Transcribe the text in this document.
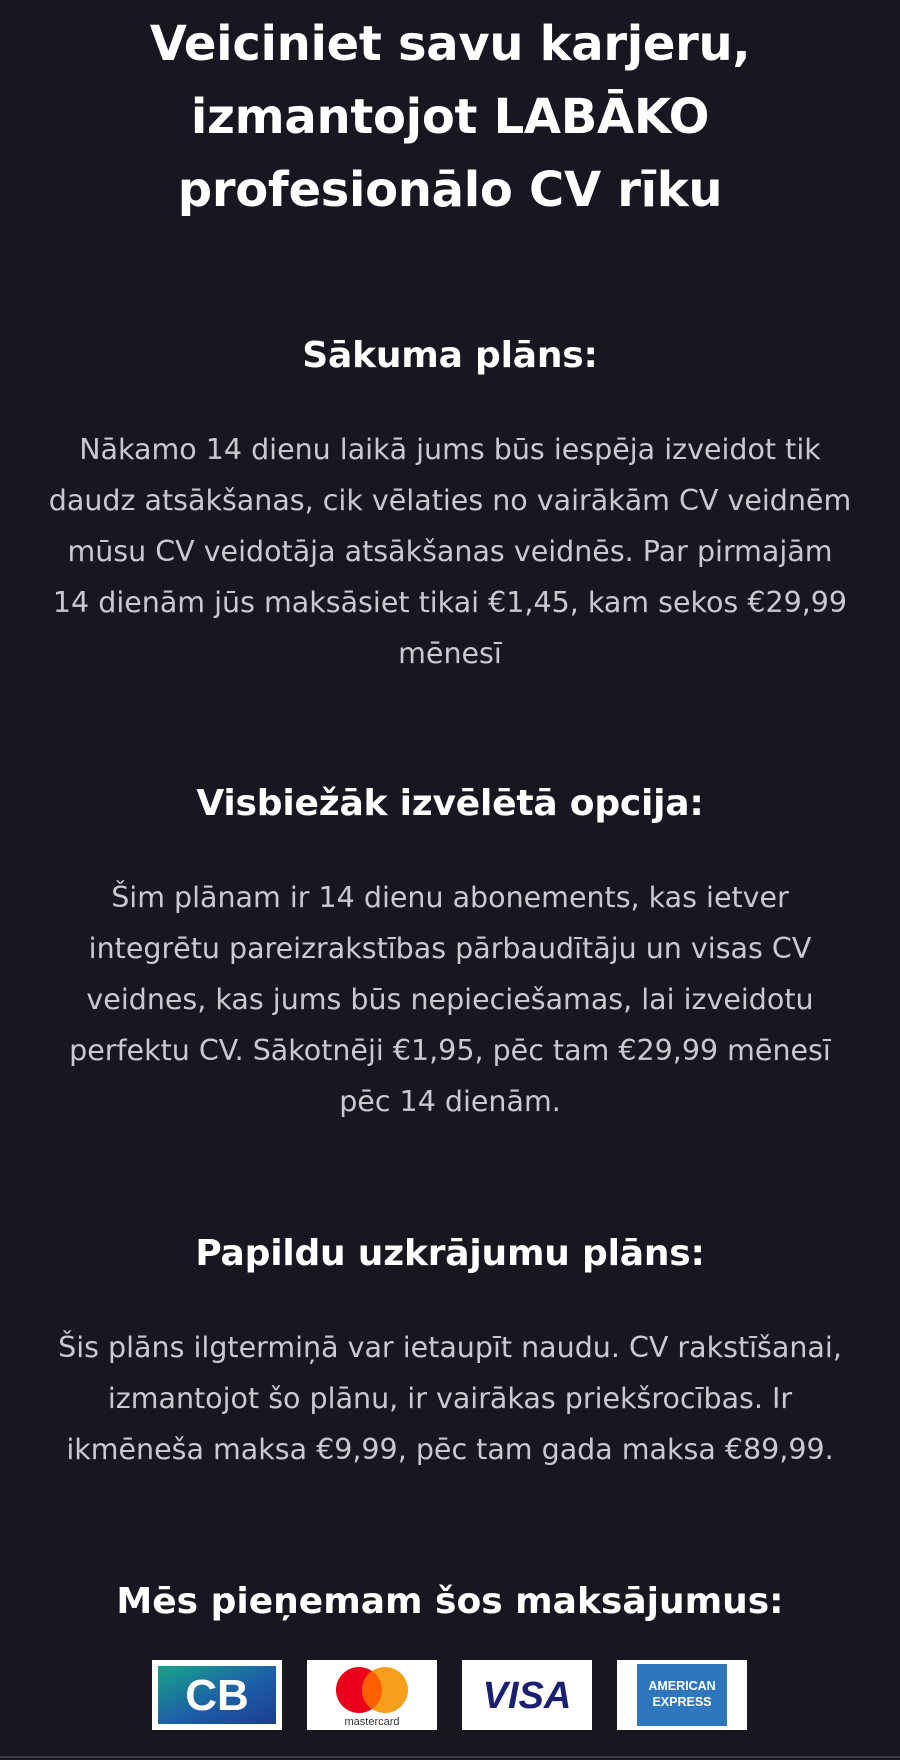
Veiciniet savu karjeru, izmantojot LABĀKO profesionālo CV rīku
Sākuma plāns:

Nākamo 14 dienu laikā jums būs iespēja izveidot tik daudz atsākšanas, cik vēlaties no vairākām CV veidnēm mūsu CV veidotāja atsākšanas veidnēs. Par pirmajām 14 dienām jūs maksāsiet tikai €1,45, kam sekos €29,99 mēnesī

Visbiežāk izvēlētā opcija:

Šim plānam ir 14 dienu abonements, kas ietver integrētu pareizrakstības pārbaudītāju un visas CV veidnes, kas jums būs nepieciešamas, lai izveidotu perfektu CV. Sākotnēji €1,95, pēc tam €29,99 mēnesī pēc 14 dienām.

Papildu uzkrājumu plāns:

Šis plāns ilgtermiņā var ietaupīt naudu. CV rakstīšanai, izmantojot šo plānu, ir vairākas priekšrocības. Ir ikmēneša maksa €9,99, pēc tam gada maksa €89,99.

Mēs pieņemam šos maksājumus:
CB
mastercard
VISA	AMERICAN
EXPRESS
